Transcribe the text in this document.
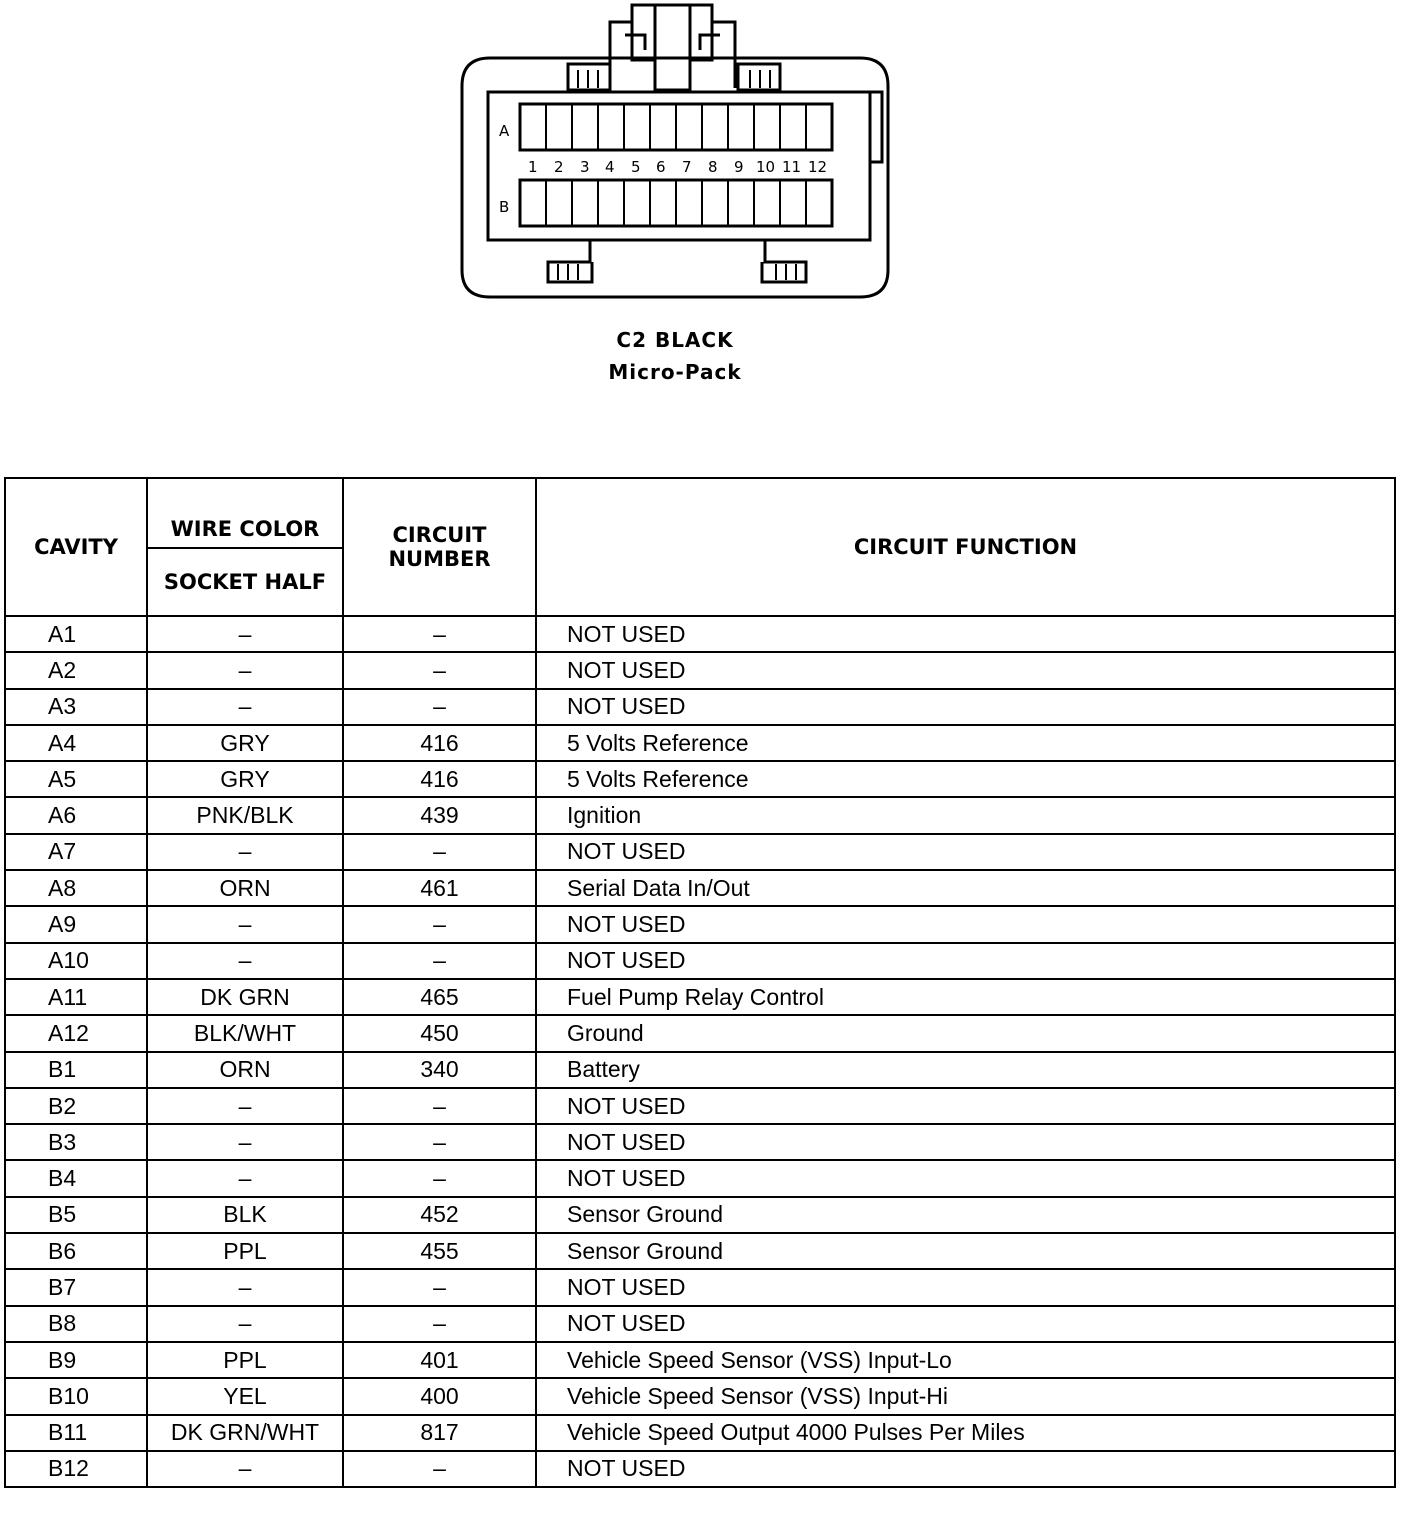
A
B
1 2 3 4 5 6 7 8 9 10 11 12
C2 BLACK
Micro-Pack
CAVITY	WIRE COLOR	CIRCUIT NUMBER	CIRCUIT FUNCTION
	SOCKET HALF		
A1	–	–	NOT USED
A2	–	–	NOT USED
A3	–	–	NOT USED
A4	GRY	416	5 Volts Reference
A5	GRY	416	5 Volts Reference
A6	PNK/BLK	439	Ignition
A7	–	–	NOT USED
A8	ORN	461	Serial Data In/Out
A9	–	–	NOT USED
A10	–	–	NOT USED
A11	DK GRN	465	Fuel Pump Relay Control
A12	BLK/WHT	450	Ground
B1	ORN	340	Battery
B2	–	–	NOT USED
B3	–	–	NOT USED
B4	–	–	NOT USED
B5	BLK	452	Sensor Ground
B6	PPL	455	Sensor Ground
B7	–	–	NOT USED
B8	–	–	NOT USED
B9	PPL	401	Vehicle Speed Sensor (VSS) Input-Lo
B10	YEL	400	Vehicle Speed Sensor (VSS) Input-Hi
B11	DK GRN/WHT	817	Vehicle Speed Output 4000 Pulses Per Miles
B12	–	–	NOT USED
